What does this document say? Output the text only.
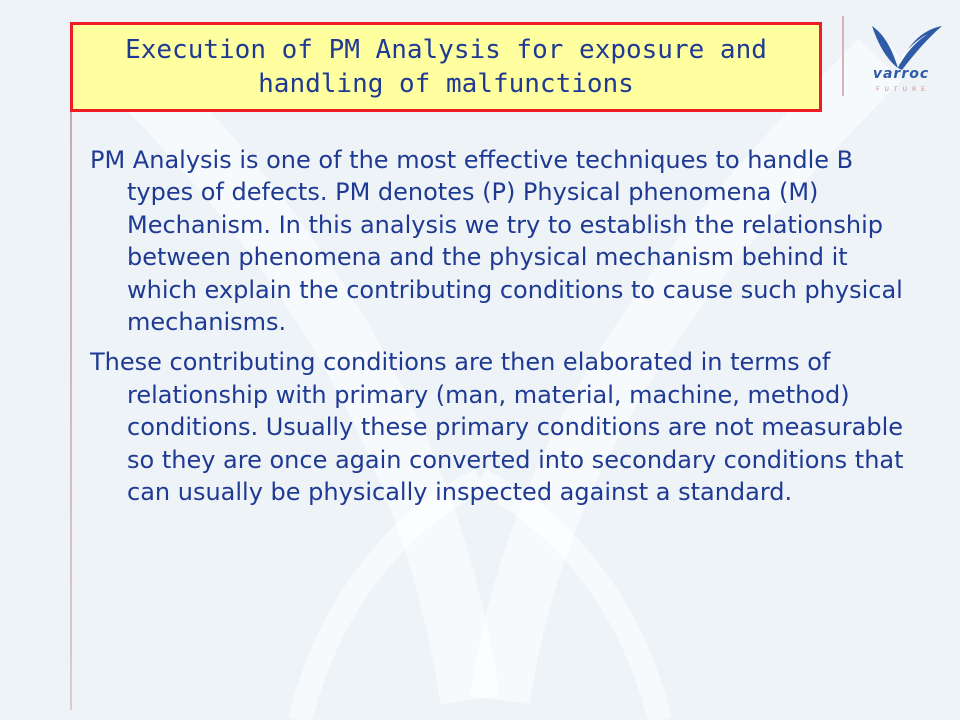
Execution of PM Analysis for exposure and handling of malfunctions	varroc
FUTURE

PM Analysis is one of the most effective techniques to handle B types of defects. PM denotes (P) Physical phenomena (M) Mechanism. In this analysis we try to establish the relationship between phenomena and the physical mechanism behind it which explain the contributing conditions to cause such physical mechanisms.

These contributing conditions are then elaborated in terms of relationship with primary (man, material, machine, method) conditions. Usually these primary conditions are not measurable so they are once again converted into secondary conditions that can usually be physically inspected against a standard.
